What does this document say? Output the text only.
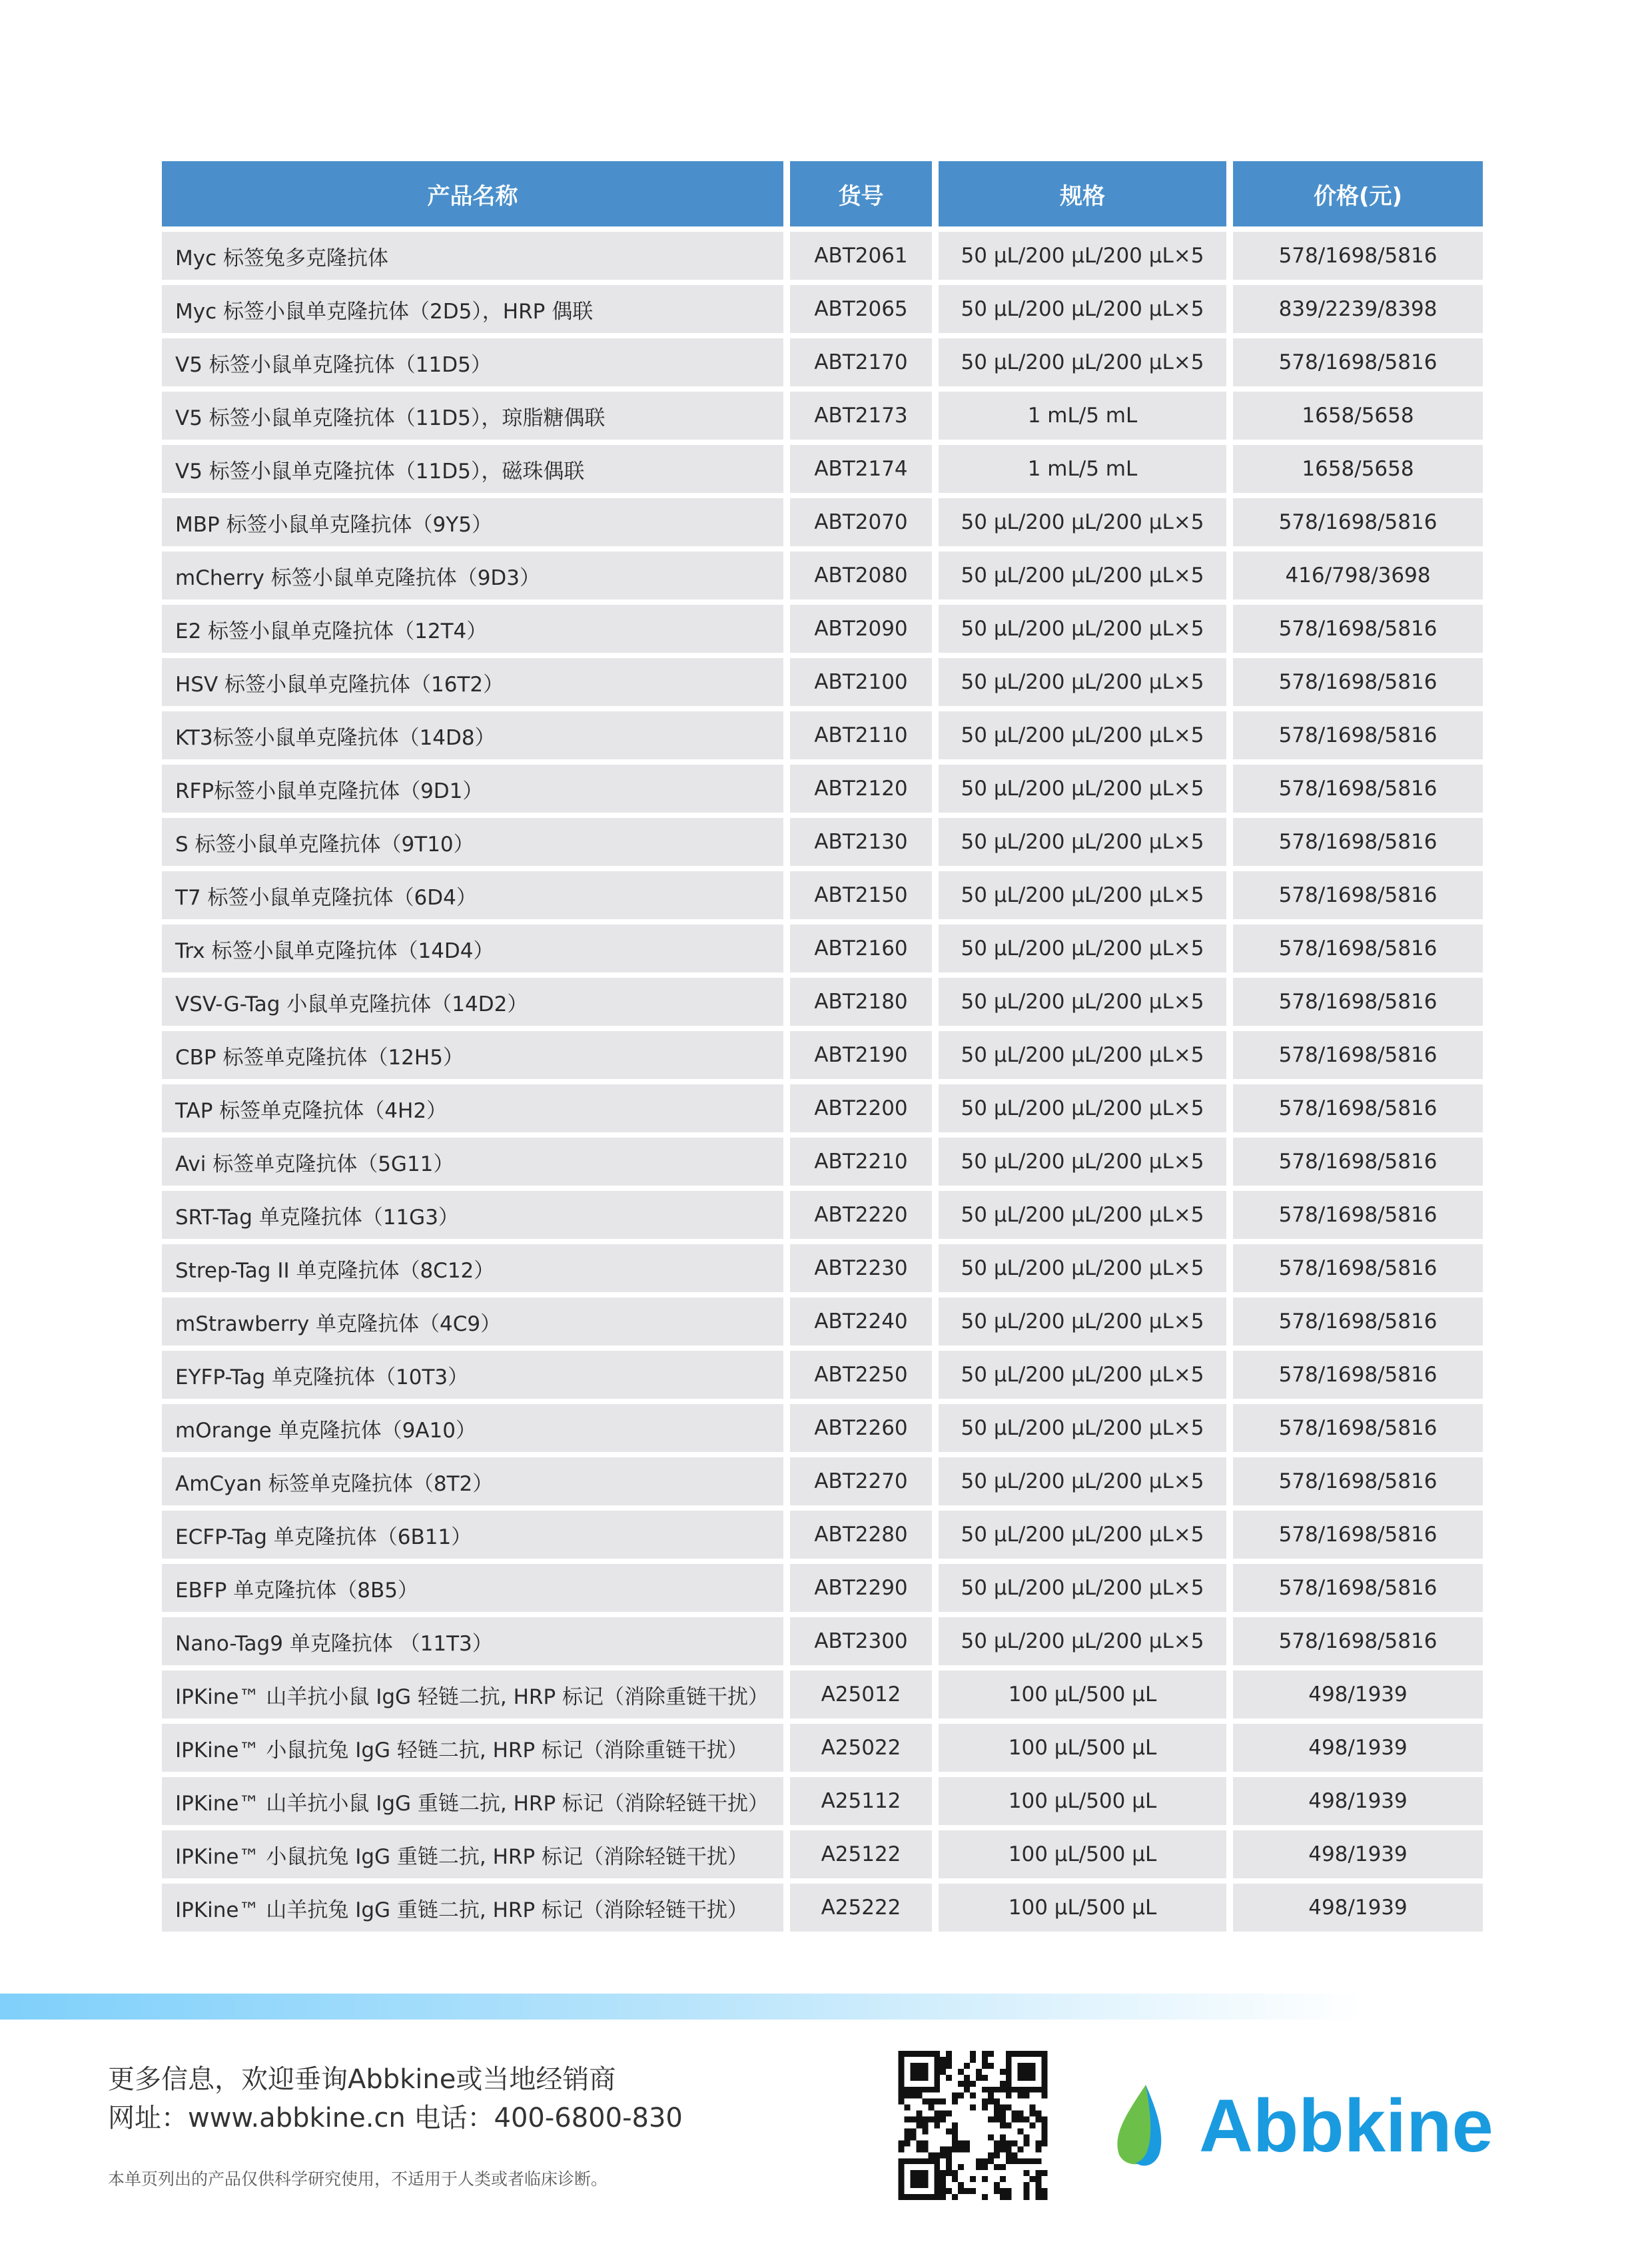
产品名称	货号	规格	价格(元)
Myc 标签兔多克隆抗体	ABT2061	50 μL/200 μL/200 μL×5	578/1698/5816
Myc 标签小鼠单克隆抗体（2D5），HRP 偶联	ABT2065	50 μL/200 μL/200 μL×5	839/2239/8398
V5 标签小鼠单克隆抗体（11D5）	ABT2170	50 μL/200 μL/200 μL×5	578/1698/5816
V5 标签小鼠单克隆抗体（11D5），琼脂糖偶联	ABT2173	1 mL/5 mL	1658/5658
V5 标签小鼠单克隆抗体（11D5），磁珠偶联	ABT2174	1 mL/5 mL	1658/5658
MBP 标签小鼠单克隆抗体（9Y5）	ABT2070	50 μL/200 μL/200 μL×5	578/1698/5816
mCherry 标签小鼠单克隆抗体（9D3）	ABT2080	50 μL/200 μL/200 μL×5	416/798/3698
E2 标签小鼠单克隆抗体（12T4）	ABT2090	50 μL/200 μL/200 μL×5	578/1698/5816
HSV 标签小鼠单克隆抗体（16T2）	ABT2100	50 μL/200 μL/200 μL×5	578/1698/5816
KT3标签小鼠单克隆抗体（14D8）	ABT2110	50 μL/200 μL/200 μL×5	578/1698/5816
RFP标签小鼠单克隆抗体（9D1）	ABT2120	50 μL/200 μL/200 μL×5	578/1698/5816
S 标签小鼠单克隆抗体（9T10）	ABT2130	50 μL/200 μL/200 μL×5	578/1698/5816
T7 标签小鼠单克隆抗体（6D4）	ABT2150	50 μL/200 μL/200 μL×5	578/1698/5816
Trx 标签小鼠单克隆抗体（14D4）	ABT2160	50 μL/200 μL/200 μL×5	578/1698/5816
VSV-G-Tag 小鼠单克隆抗体（14D2）	ABT2180	50 μL/200 μL/200 μL×5	578/1698/5816
CBP 标签单克隆抗体（12H5）	ABT2190	50 μL/200 μL/200 μL×5	578/1698/5816
TAP 标签单克隆抗体（4H2）	ABT2200	50 μL/200 μL/200 μL×5	578/1698/5816
Avi 标签单克隆抗体（5G11）	ABT2210	50 μL/200 μL/200 μL×5	578/1698/5816
SRT-Tag 单克隆抗体（11G3）	ABT2220	50 μL/200 μL/200 μL×5	578/1698/5816
Strep-Tag II 单克隆抗体（8C12）	ABT2230	50 μL/200 μL/200 μL×5	578/1698/5816
mStrawberry 单克隆抗体（4C9）	ABT2240	50 μL/200 μL/200 μL×5	578/1698/5816
EYFP-Tag 单克隆抗体（10T3）	ABT2250	50 μL/200 μL/200 μL×5	578/1698/5816
mOrange 单克隆抗体（9A10）	ABT2260	50 μL/200 μL/200 μL×5	578/1698/5816
AmCyan 标签单克隆抗体（8T2）	ABT2270	50 μL/200 μL/200 μL×5	578/1698/5816
ECFP-Tag 单克隆抗体（6B11）	ABT2280	50 μL/200 μL/200 μL×5	578/1698/5816
EBFP 单克隆抗体（8B5）	ABT2290	50 μL/200 μL/200 μL×5	578/1698/5816
Nano-Tag9 单克隆抗体 （11T3）	ABT2300	50 μL/200 μL/200 μL×5	578/1698/5816
IPKine™ 山羊抗小鼠 IgG 轻链二抗, HRP 标记（消除重链干扰）	A25012	100 μL/500 μL	498/1939
IPKine™ 小鼠抗兔 IgG 轻链二抗, HRP 标记（消除重链干扰）	A25022	100 μL/500 μL	498/1939
IPKine™ 山羊抗小鼠 IgG 重链二抗, HRP 标记（消除轻链干扰）	A25112	100 μL/500 μL	498/1939
IPKine™ 小鼠抗兔 IgG 重链二抗, HRP 标记（消除轻链干扰）	A25122	100 μL/500 μL	498/1939
IPKine™ 山羊抗兔 IgG 重链二抗, HRP 标记（消除轻链干扰）	A25222	100 μL/500 μL	498/1939
更多信息，欢迎垂询Abbkine或当地经销商
网址：www.abbkine.cn 电话：400-6800-830
本单页列出的产品仅供科学研究使用，不适用于人类或者临床诊断。
Abbkine
